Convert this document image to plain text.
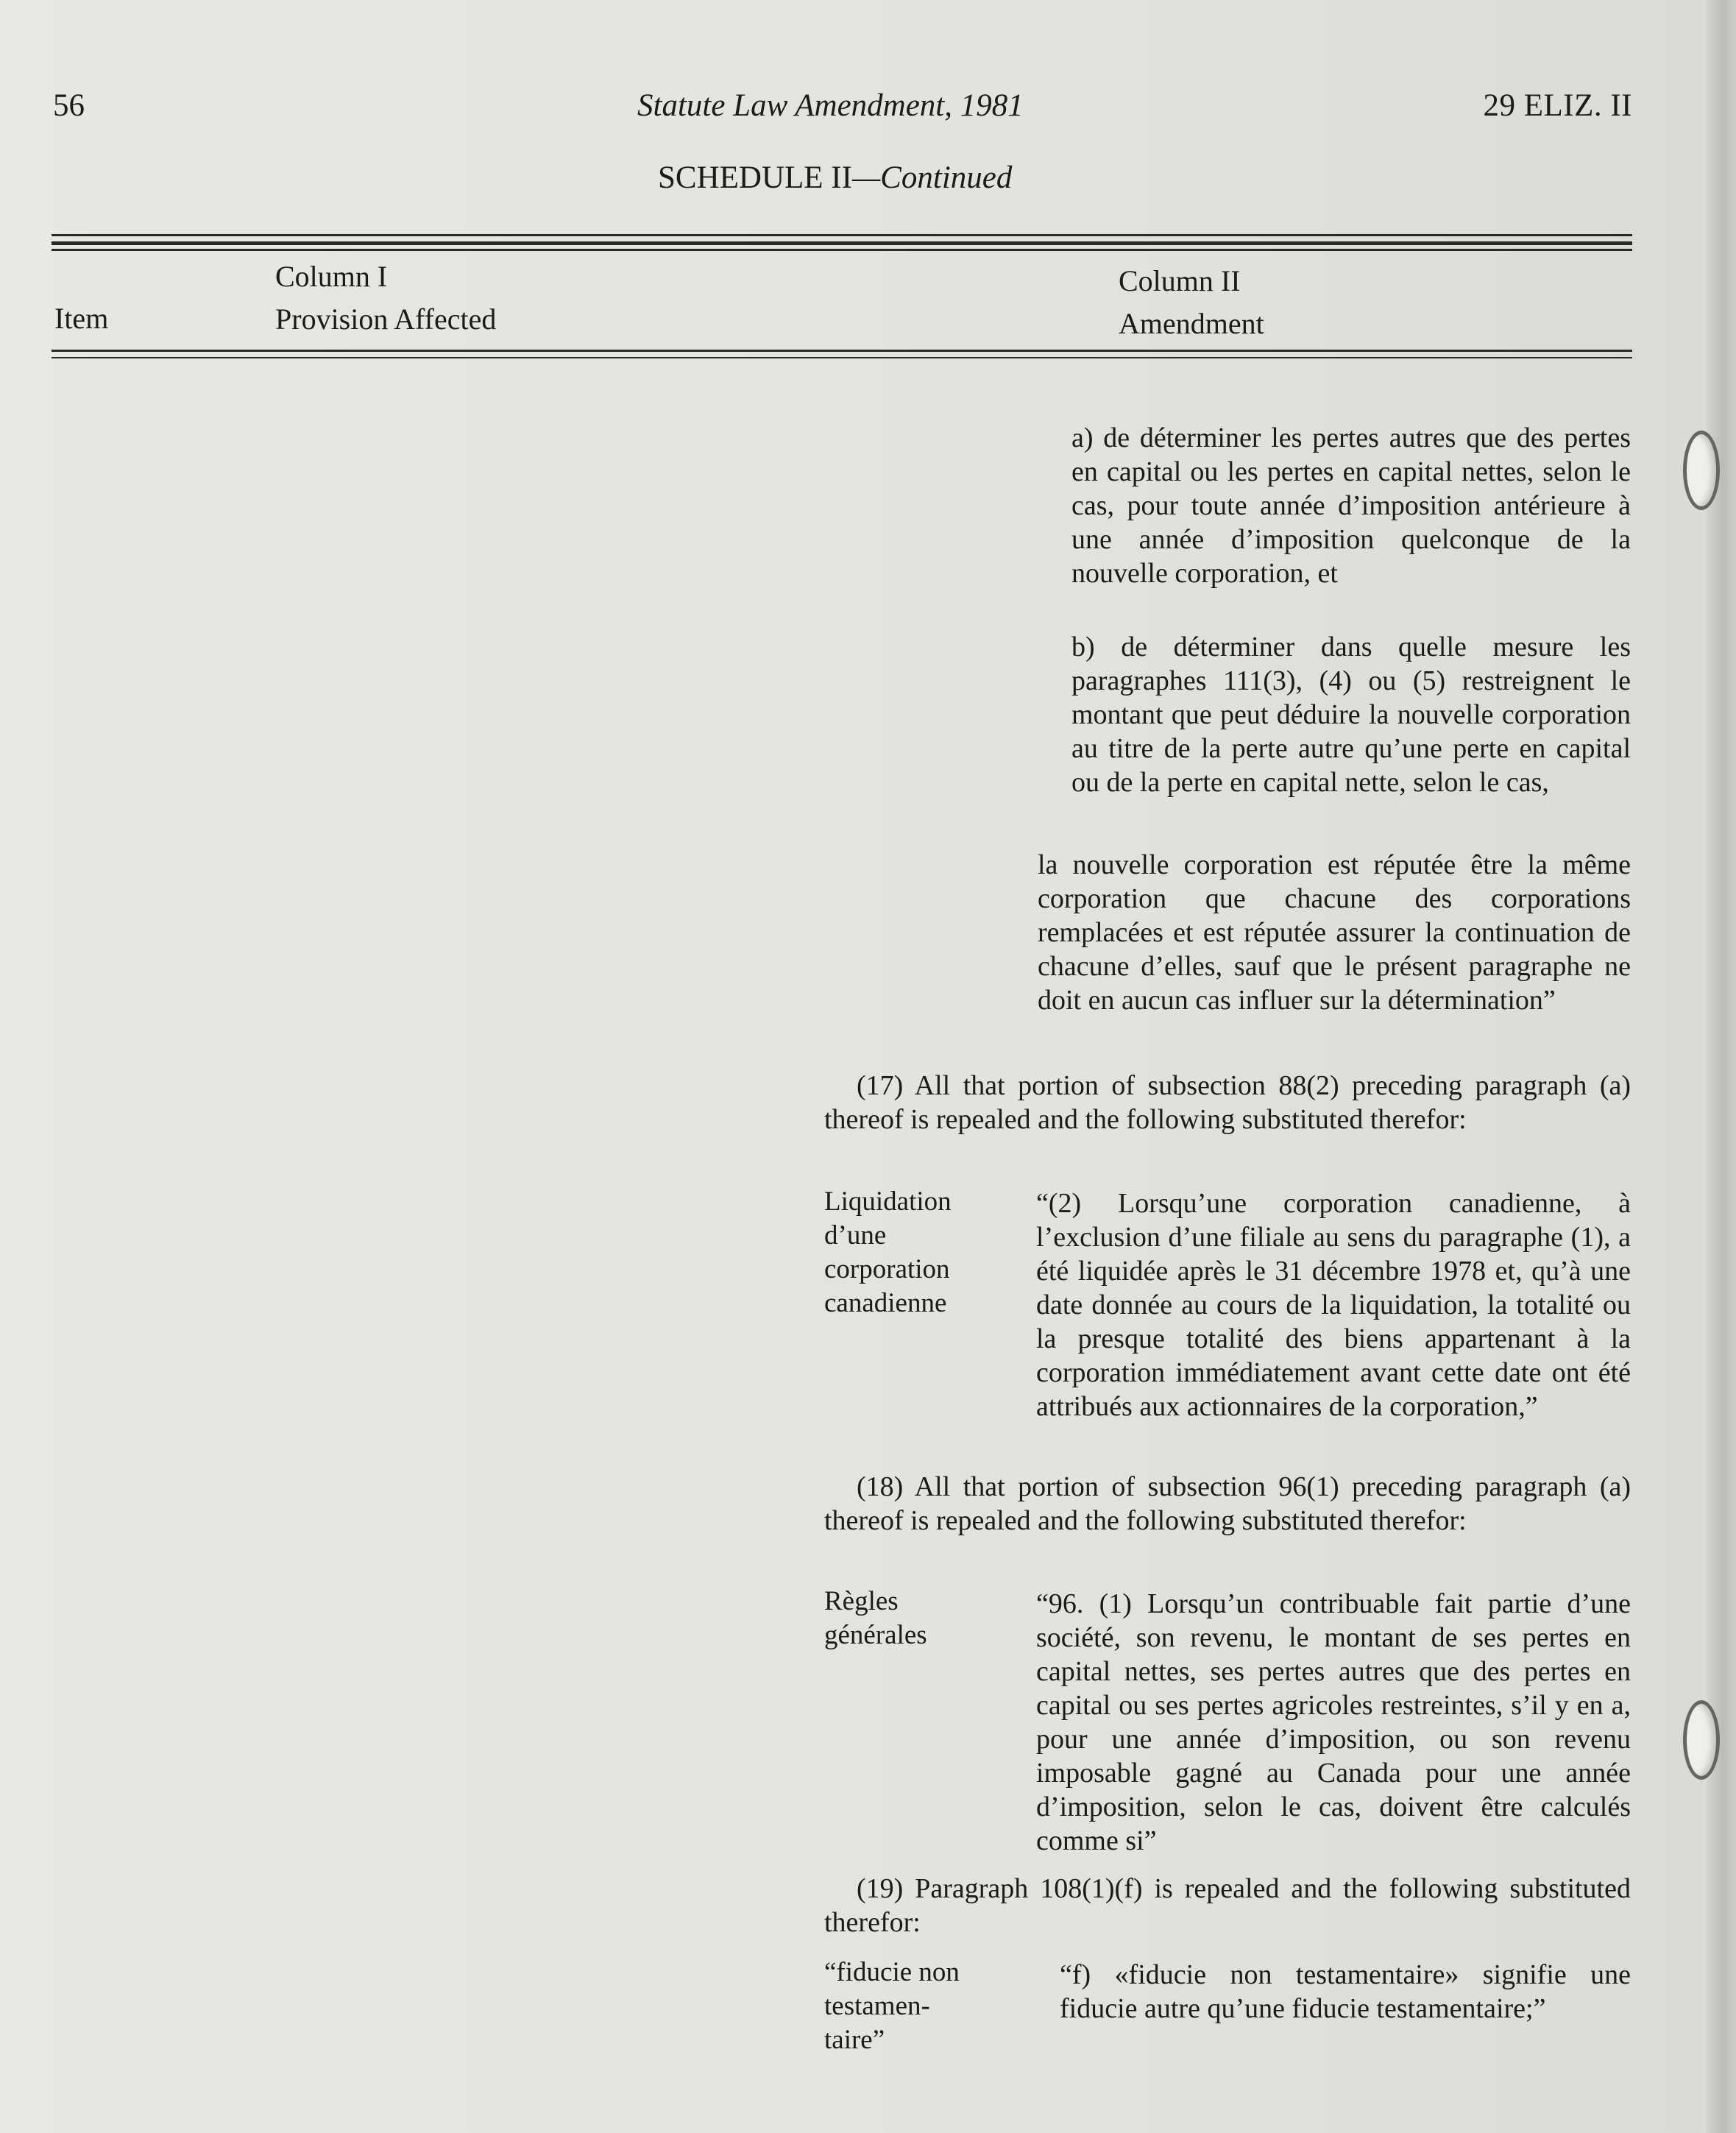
56	Statute Law Amendment, 1981	29 ELIZ. II
SCHEDULE II—Continued
Item
Column I
Provision Affected
Column II
Amendment
a) de déterminer les pertes autres que des pertes en capital ou les pertes en capital nettes, selon le cas, pour toute année d’imposition antérieure à une année d’imposition quelconque de la nouvelle corporation, et
b) de déterminer dans quelle mesure les paragraphes 111(3), (4) ou (5) restreignent le montant que peut déduire la nouvelle corporation au titre de la perte autre qu’une perte en capital ou de la perte en capital nette, selon le cas,
la nouvelle corporation est réputée être la même corporation que chacune des corporations remplacées et est réputée assurer la continuation de chacune d’elles, sauf que le présent paragraphe ne doit en aucun cas influer sur la détermination”
(17) All that portion of subsection 88(2) preceding paragraph (a) thereof is repealed and the following substituted therefor:
Liquidation
d’une
corporation
canadienne
“(2) Lorsqu’une corporation canadienne, à l’exclusion d’une filiale au sens du paragraphe (1), a été liquidée après le 31 décembre 1978 et, qu’à une date donnée au cours de la liquidation, la totalité ou la presque totalité des biens appartenant à la corporation immédiatement avant cette date ont été attribués aux actionnaires de la corporation,”
(18) All that portion of subsection 96(1) preceding paragraph (a) thereof is repealed and the following substituted therefor:
Règles
générales
“96. (1) Lorsqu’un contribuable fait partie d’une société, son revenu, le montant de ses pertes en capital nettes, ses pertes autres que des pertes en capital ou ses pertes agricoles restreintes, s’il y en a, pour une année d’imposition, ou son revenu imposable gagné au Canada pour une année d’imposition, selon le cas, doivent être calculés comme si”
(19) Paragraph 108(1)(f) is repealed and the following substituted therefor:
“fiducie non
testamen-
taire”
“f) «fiducie non testamentaire» signifie une fiducie autre qu’une fiducie testamentaire;”
